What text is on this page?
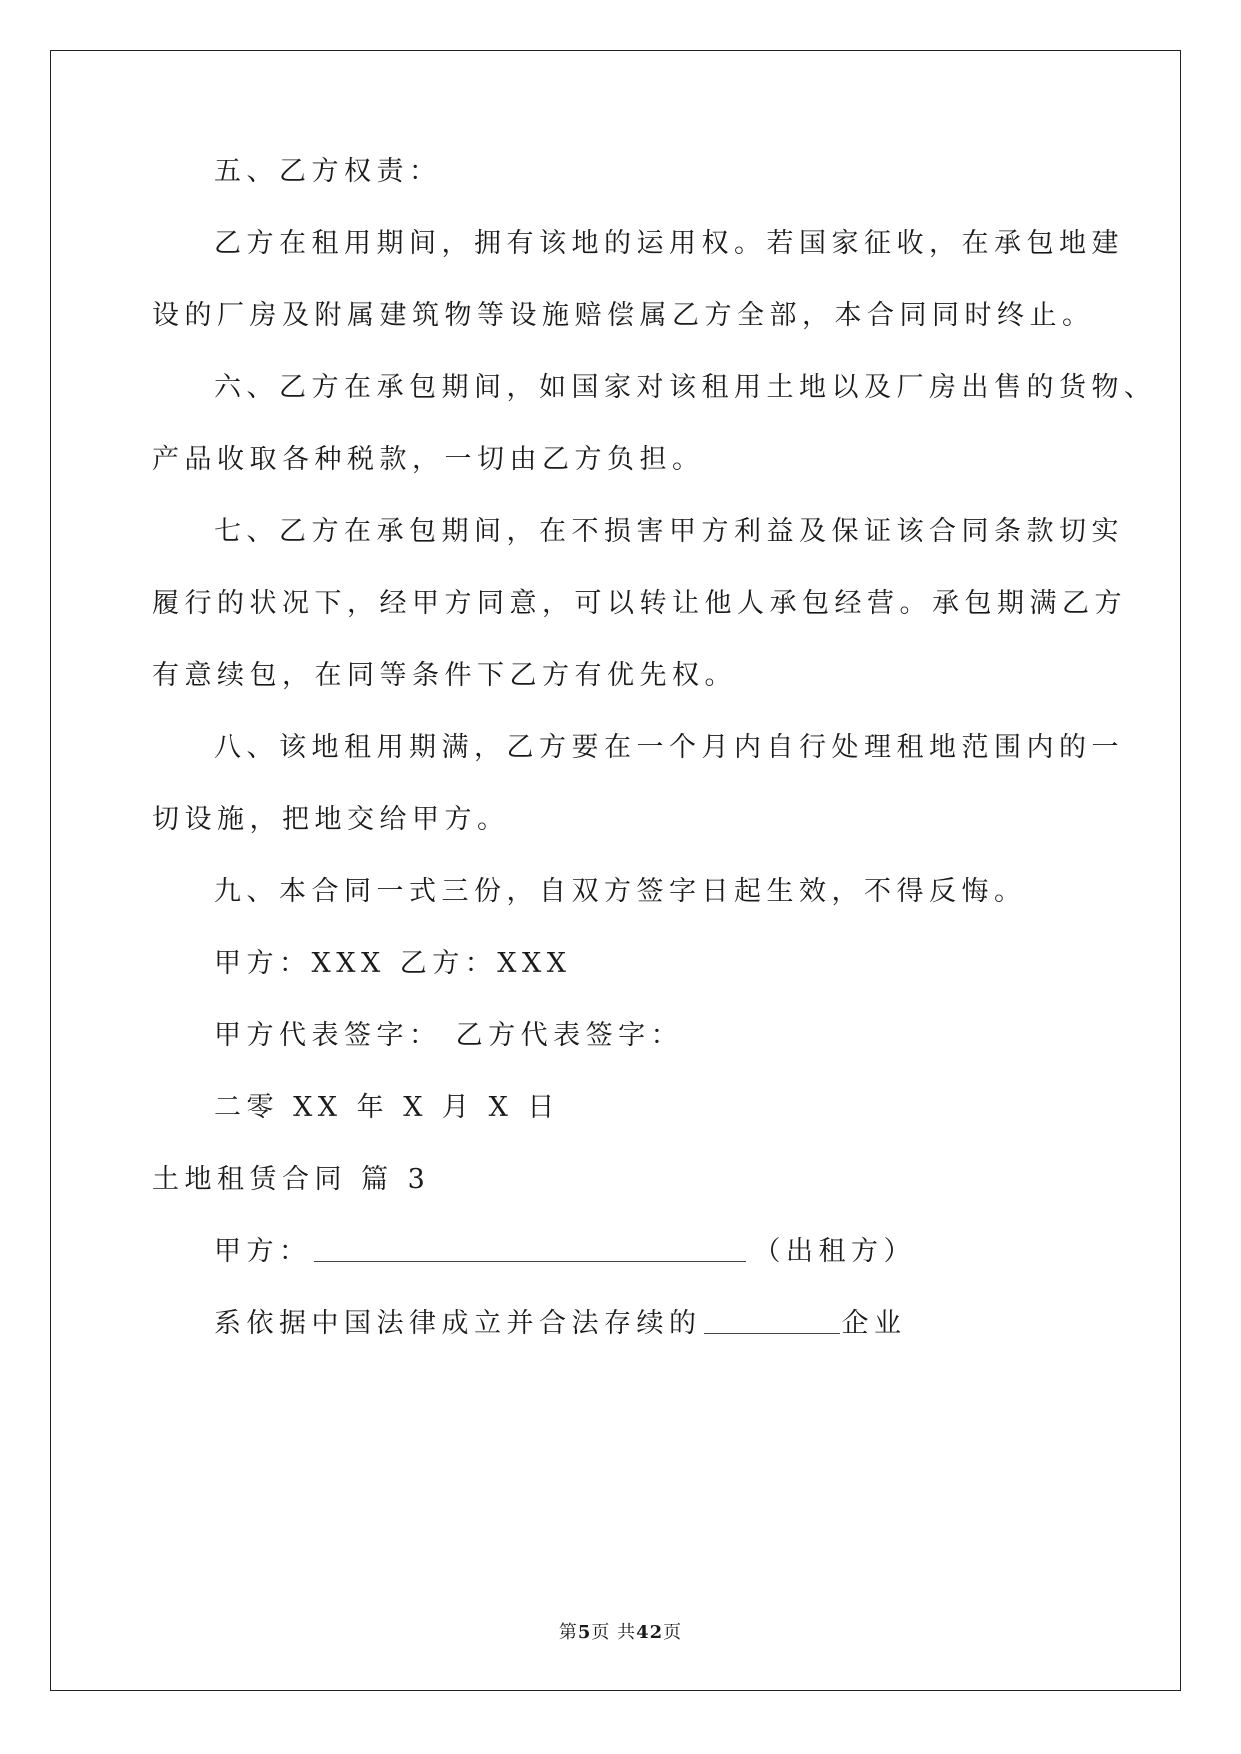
五、乙方权责：
乙方在租用期间，拥有该地的运用权。若国家征收，在承包地建
设的厂房及附属建筑物等设施赔偿属乙方全部，本合同同时终止。
六、乙方在承包期间，如国家对该租用土地以及厂房出售的货物、
产品收取各种税款，一切由乙方负担。
七、乙方在承包期间，在不损害甲方利益及保证该合同条款切实
履行的状况下，经甲方同意，可以转让他人承包经营。承包期满乙方
有意续包，在同等条件下乙方有优先权。
八、该地租用期满，乙方要在一个月内自行处理租地范围内的一
切设施，把地交给甲方。
九、本合同一式三份，自双方签字日起生效，不得反悔。
甲方：XXX 乙方：XXX
甲方代表签字： 乙方代表签字：
二零 XX 年 X 月 X 日
土地租赁合同 篇 3
甲方：	（出租方）
系依据中国法律成立并合法存续的	企业
第5页 共42页
